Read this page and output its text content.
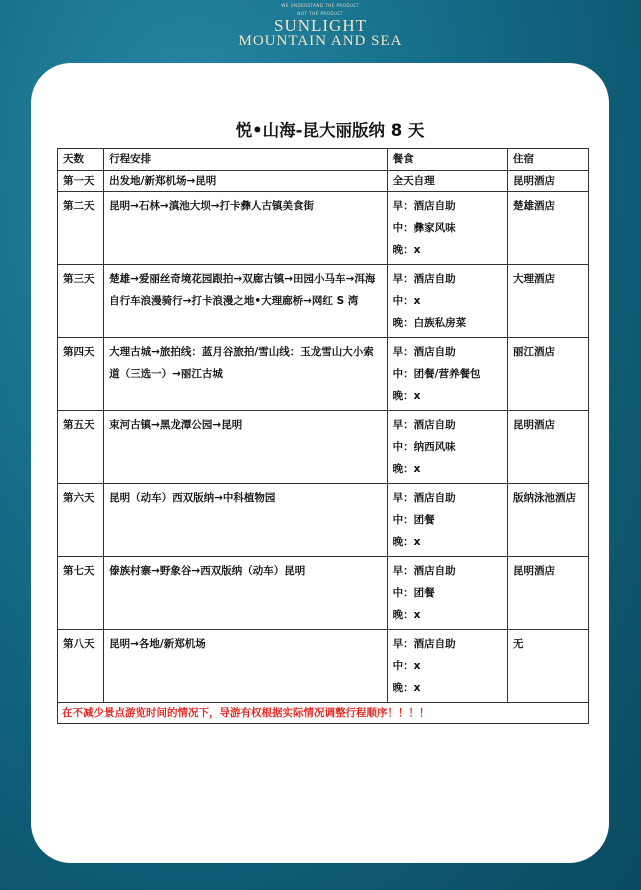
WE UNDERSTAND THE PRODUCT
NOT THE PRODUCT
SUNLIGHT
MOUNTAIN AND SEA
悦•山海-昆大丽版纳 8 天
天数	行程安排	餐食	住宿

第一天	出发地/新郑机场→昆明	全天自理	昆明酒店

第二天	昆明→石林→滇池大坝→打卡彝人古镇美食街	早：酒店自助
中：彝家风味
晚：x	楚雄酒店

第三天	楚雄→爱丽丝奇境花园跟拍→双廊古镇→田园小马车→洱海自行车浪漫骑行→打卡浪漫之地•大理廊桥→网红 S 湾	早：酒店自助
中：x
晚：白族私房菜	大理酒店

第四天	大理古城→旅拍线：蓝月谷旅拍/雪山线：玉龙雪山大小索道（三选一）→丽江古城	早：酒店自助
中：团餐/营养餐包
晚：x	丽江酒店

第五天	束河古镇→黑龙潭公园→昆明	早：酒店自助
中：纳西风味
晚：x	昆明酒店

第六天	昆明（动车）西双版纳→中科植物园	早：酒店自助
中：团餐
晚：x	版纳泳池酒店

第七天	傣族村寨→野象谷→西双版纳（动车）昆明	早：酒店自助
中：团餐
晚：x	昆明酒店

第八天	昆明→各地/新郑机场	早：酒店自助
中：x
晚：x	无

在不减少景点游览时间的情况下，导游有权根据实际情况调整行程顺序！！！！			
